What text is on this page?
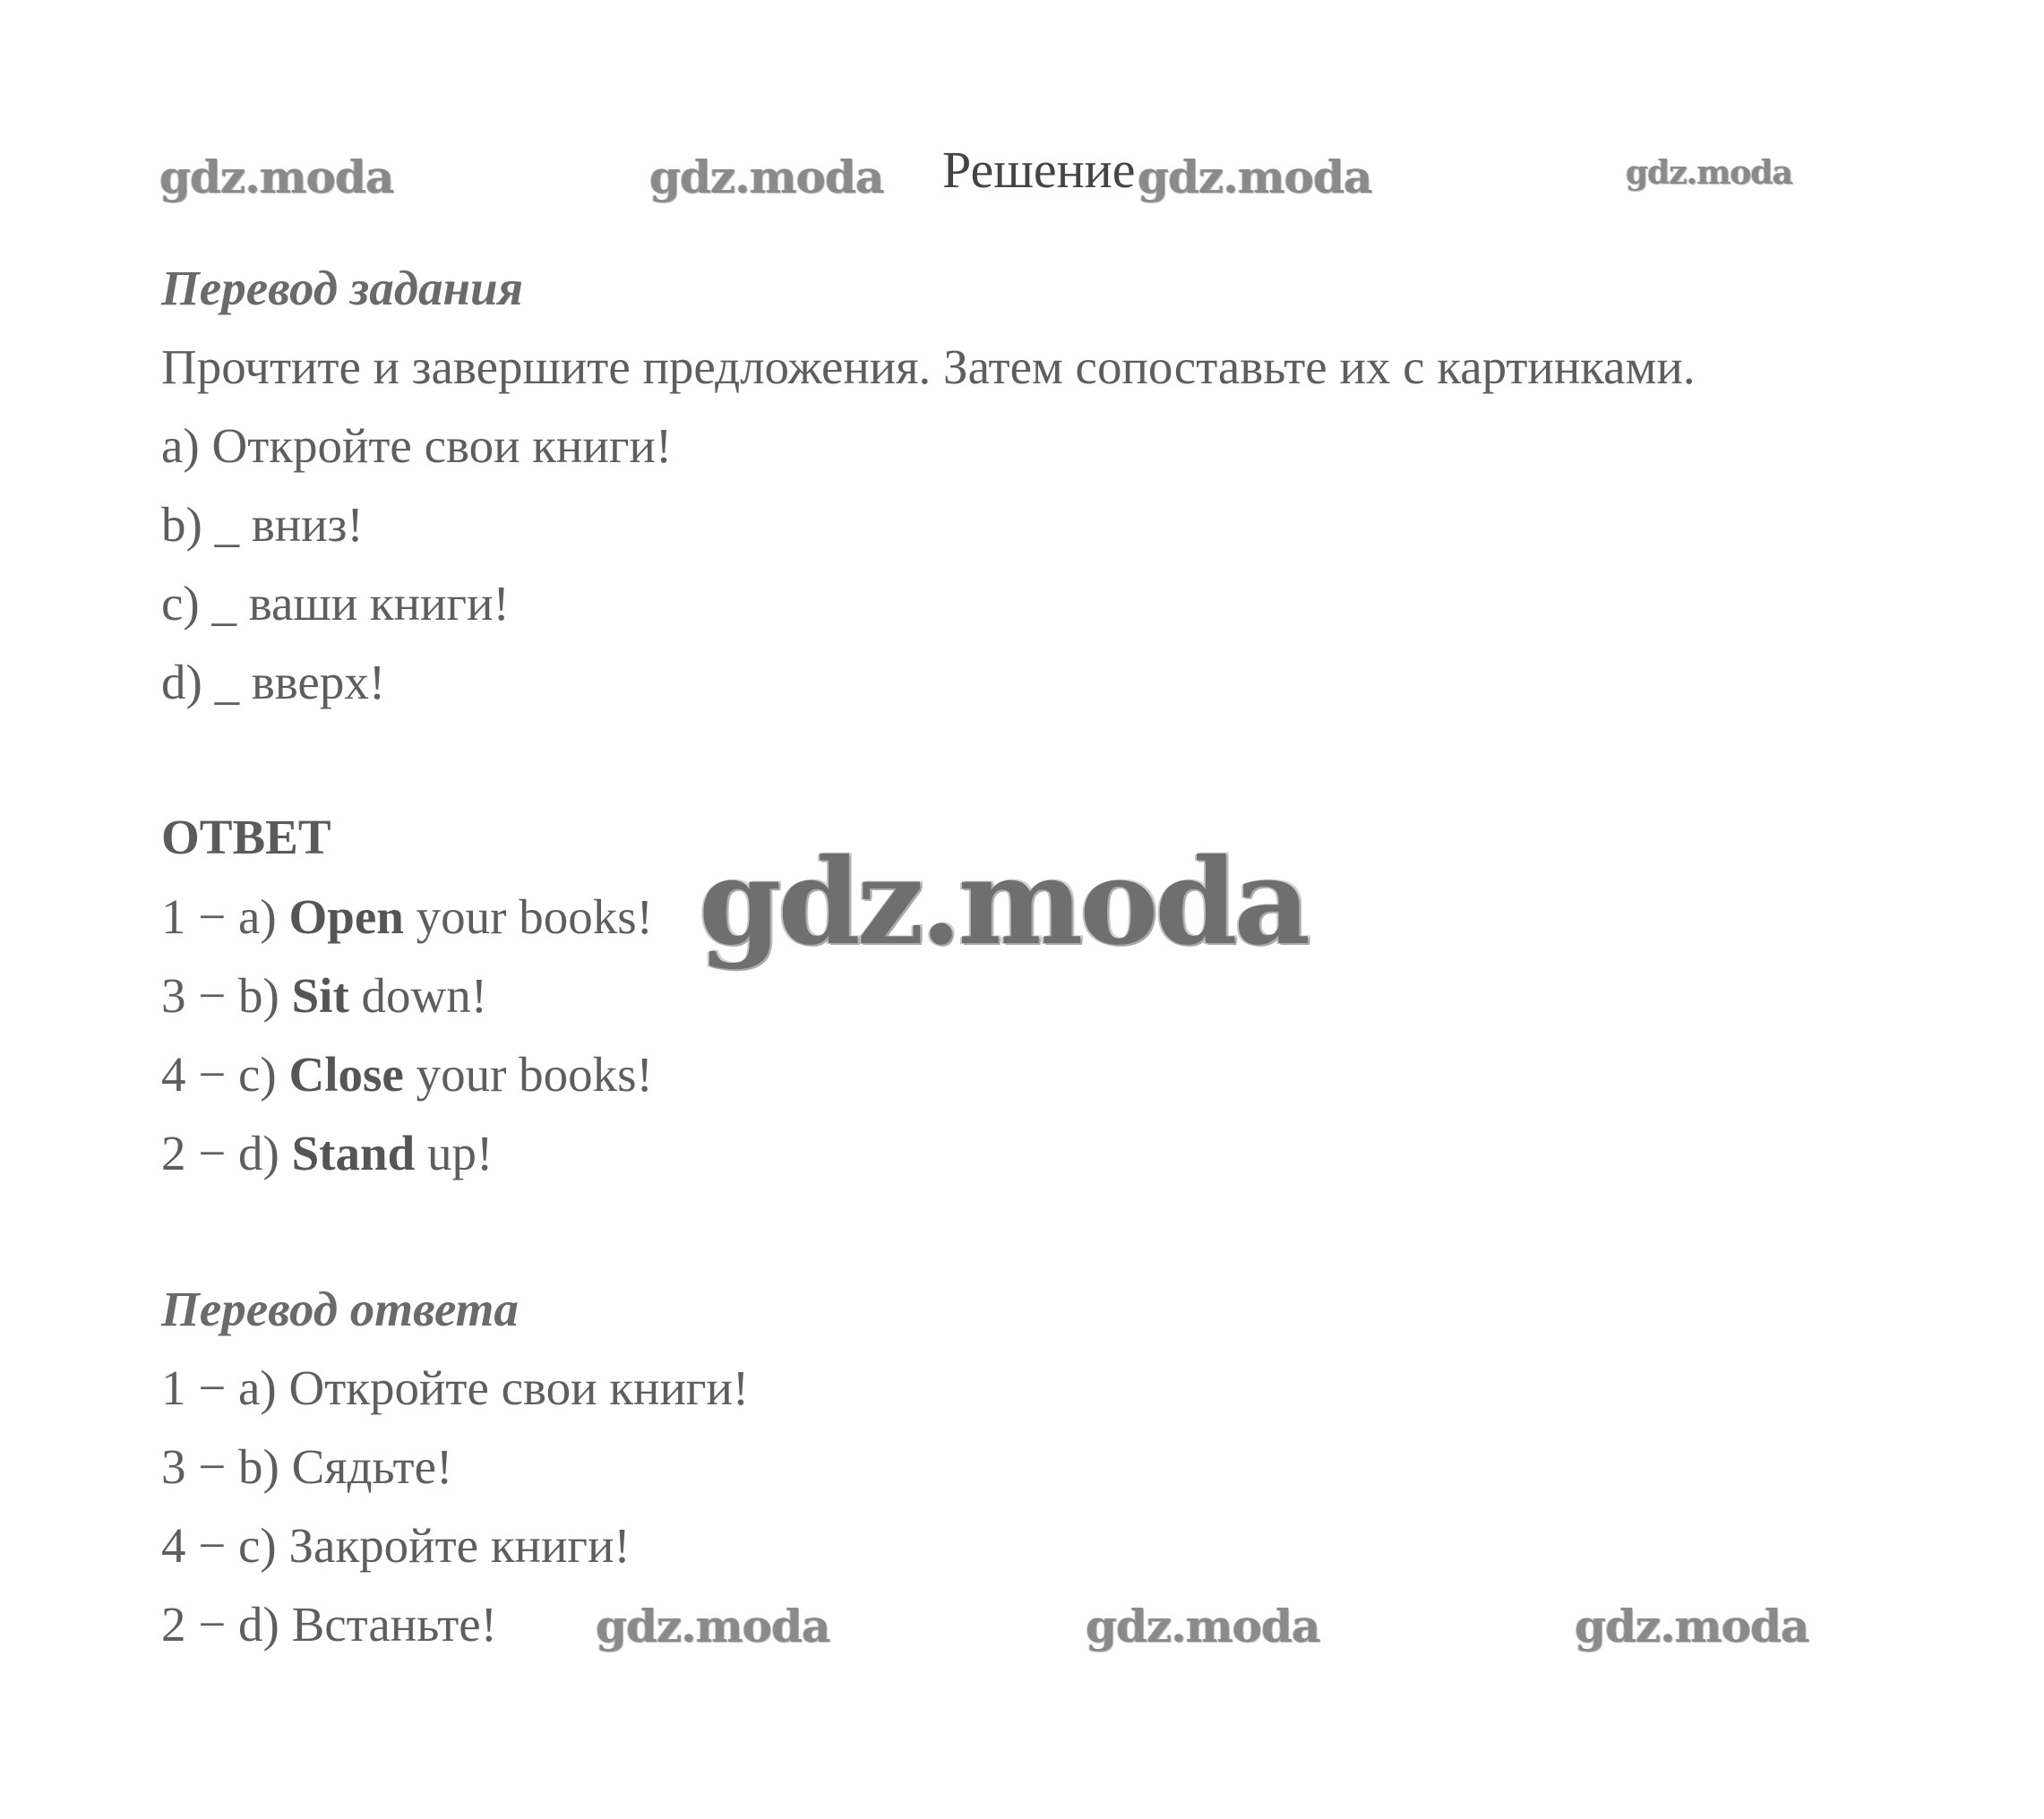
gdz.moda	gdz.moda Решение gdz.moda	gdz.moda
Перевод задания
Прочтите и завершите предложения. Затем сопоставьте их с картинками.
a) Откройте свои книги!
b) _ вниз!
c) _ ваши книги!
d) _ вверх!
ОТВЕТ
1 − a) Open your books!
3 − b) Sit down!
4 − c) Close your books!
2 − d) Stand up!
gdz.moda
Перевод ответа
1 − a) Откройте свои книги!
3 − b) Сядьте!
4 − c) Закройте книги!
2 − d) Встаньте! gdz.moda	gdz.moda	gdz.moda
